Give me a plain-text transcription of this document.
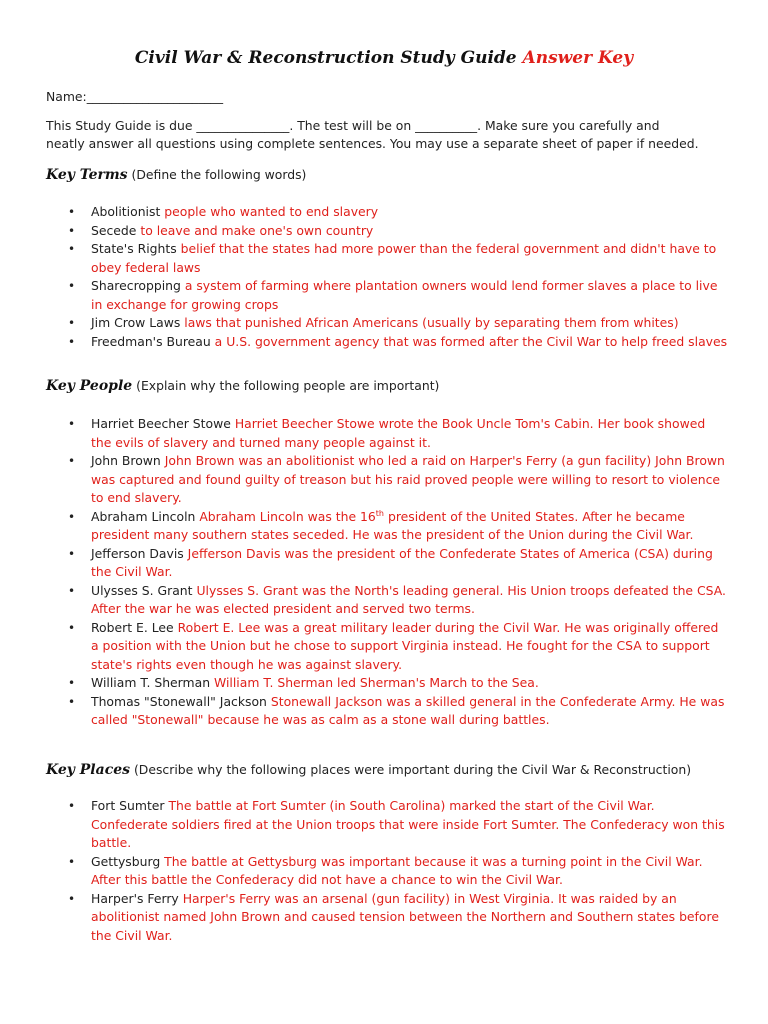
Civil War & Reconstruction Study Guide Answer Key
Name:______________________
This Study Guide is due _______________. The test will be on __________. Make sure you carefully and
neatly answer all questions using complete sentences. You may use a separate sheet of paper if needed.
Key Terms (Define the following words)
• Abolitionist people who wanted to end slavery
• Secede to leave and make one's own country
• State's Rights belief that the states had more power than the federal government and didn't have to obey federal laws
• Sharecropping a system of farming where plantation owners would lend former slaves a place to live in exchange for growing crops
• Jim Crow Laws laws that punished African Americans (usually by separating them from whites)
• Freedman's Bureau a U.S. government agency that was formed after the Civil War to help freed slaves
Key People (Explain why the following people are important)
• Harriet Beecher Stowe Harriet Beecher Stowe wrote the Book Uncle Tom's Cabin. Her book showed the evils of slavery and turned many people against it.
• John Brown John Brown was an abolitionist who led a raid on Harper's Ferry (a gun facility) John Brown was captured and found guilty of treason but his raid proved people were willing to resort to violence to end slavery.
• Abraham Lincoln Abraham Lincoln was the 16th president of the United States. After he became president many southern states seceded. He was the president of the Union during the Civil War.
• Jefferson Davis Jefferson Davis was the president of the Confederate States of America (CSA) during the Civil War.
• Ulysses S. Grant Ulysses S. Grant was the North's leading general. His Union troops defeated the CSA. After the war he was elected president and served two terms.
• Robert E. Lee Robert E. Lee was a great military leader during the Civil War. He was originally offered a position with the Union but he chose to support Virginia instead. He fought for the CSA to support state's rights even though he was against slavery.
• William T. Sherman William T. Sherman led Sherman's March to the Sea.
• Thomas "Stonewall" Jackson Stonewall Jackson was a skilled general in the Confederate Army. He was called "Stonewall" because he was as calm as a stone wall during battles.
Key Places (Describe why the following places were important during the Civil War & Reconstruction)
• Fort Sumter The battle at Fort Sumter (in South Carolina) marked the start of the Civil War. Confederate soldiers fired at the Union troops that were inside Fort Sumter. The Confederacy won this battle.
• Gettysburg The battle at Gettysburg was important because it was a turning point in the Civil War. After this battle the Confederacy did not have a chance to win the Civil War.
• Harper's Ferry Harper's Ferry was an arsenal (gun facility) in West Virginia. It was raided by an abolitionist named John Brown and caused tension between the Northern and Southern states before the Civil War.
